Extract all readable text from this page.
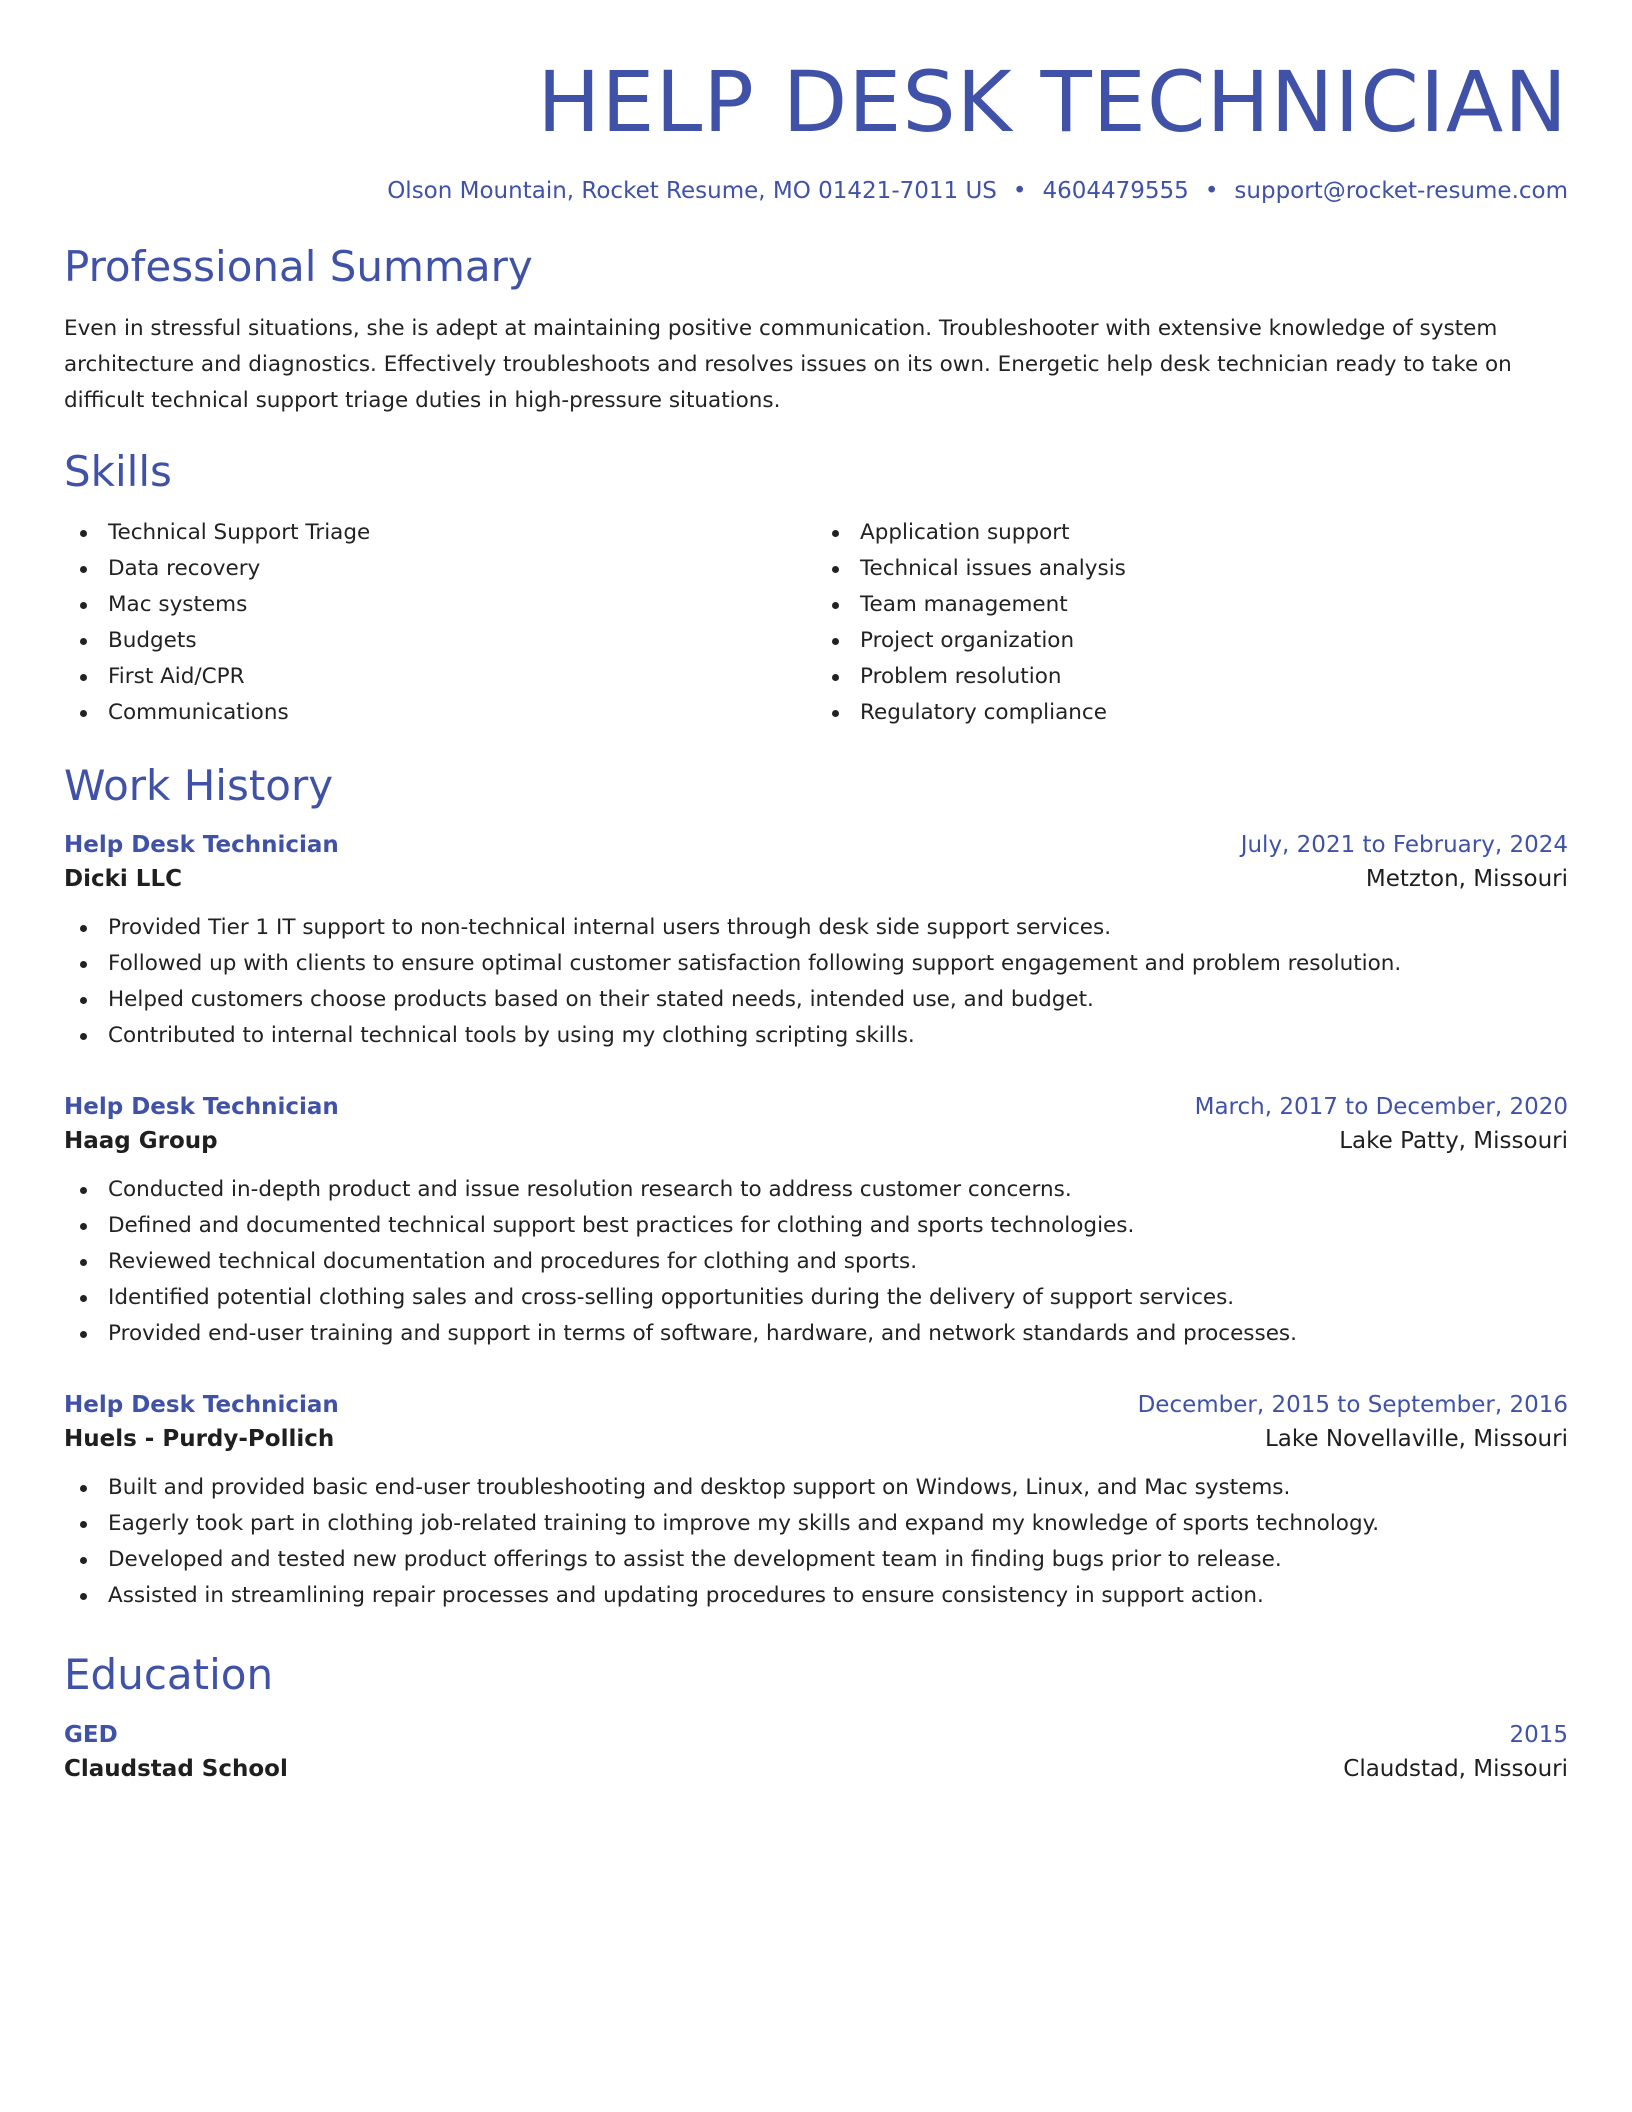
HELP DESK TECHNICIAN
Olson Mountain, Rocket Resume, MO 01421-7011 US • 4604479555 • support@rocket-resume.com
Professional Summary
Even in stressful situations, she is adept at maintaining positive communication. Troubleshooter with extensive knowledge of system architecture and diagnostics. Effectively troubleshoots and resolves issues on its own. Energetic help desk technician ready to take on difficult technical support triage duties in high-pressure situations.
Skills
Technical Support Triage
Data recovery
Mac systems
Budgets
First Aid/CPR
Communications
Application support
Technical issues analysis
Team management
Project organization
Problem resolution
Regulatory compliance
Work History
Help Desk Technician	July, 2021 to February, 2024
Dicki LLC	Metzton, Missouri
Provided Tier 1 IT support to non-technical internal users through desk side support services.
Followed up with clients to ensure optimal customer satisfaction following support engagement and problem resolution.
Helped customers choose products based on their stated needs, intended use, and budget.
Contributed to internal technical tools by using my clothing scripting skills.
Help Desk Technician	March, 2017 to December, 2020
Haag Group	Lake Patty, Missouri
Conducted in-depth product and issue resolution research to address customer concerns.
Defined and documented technical support best practices for clothing and sports technologies.
Reviewed technical documentation and procedures for clothing and sports.
Identified potential clothing sales and cross-selling opportunities during the delivery of support services.
Provided end-user training and support in terms of software, hardware, and network standards and processes.
Help Desk Technician	December, 2015 to September, 2016
Huels - Purdy-Pollich	Lake Novellaville, Missouri
Built and provided basic end-user troubleshooting and desktop support on Windows, Linux, and Mac systems.
Eagerly took part in clothing job-related training to improve my skills and expand my knowledge of sports technology.
Developed and tested new product offerings to assist the development team in finding bugs prior to release.
Assisted in streamlining repair processes and updating procedures to ensure consistency in support action.
Education
GED	2015
Claudstad School	Claudstad, Missouri
